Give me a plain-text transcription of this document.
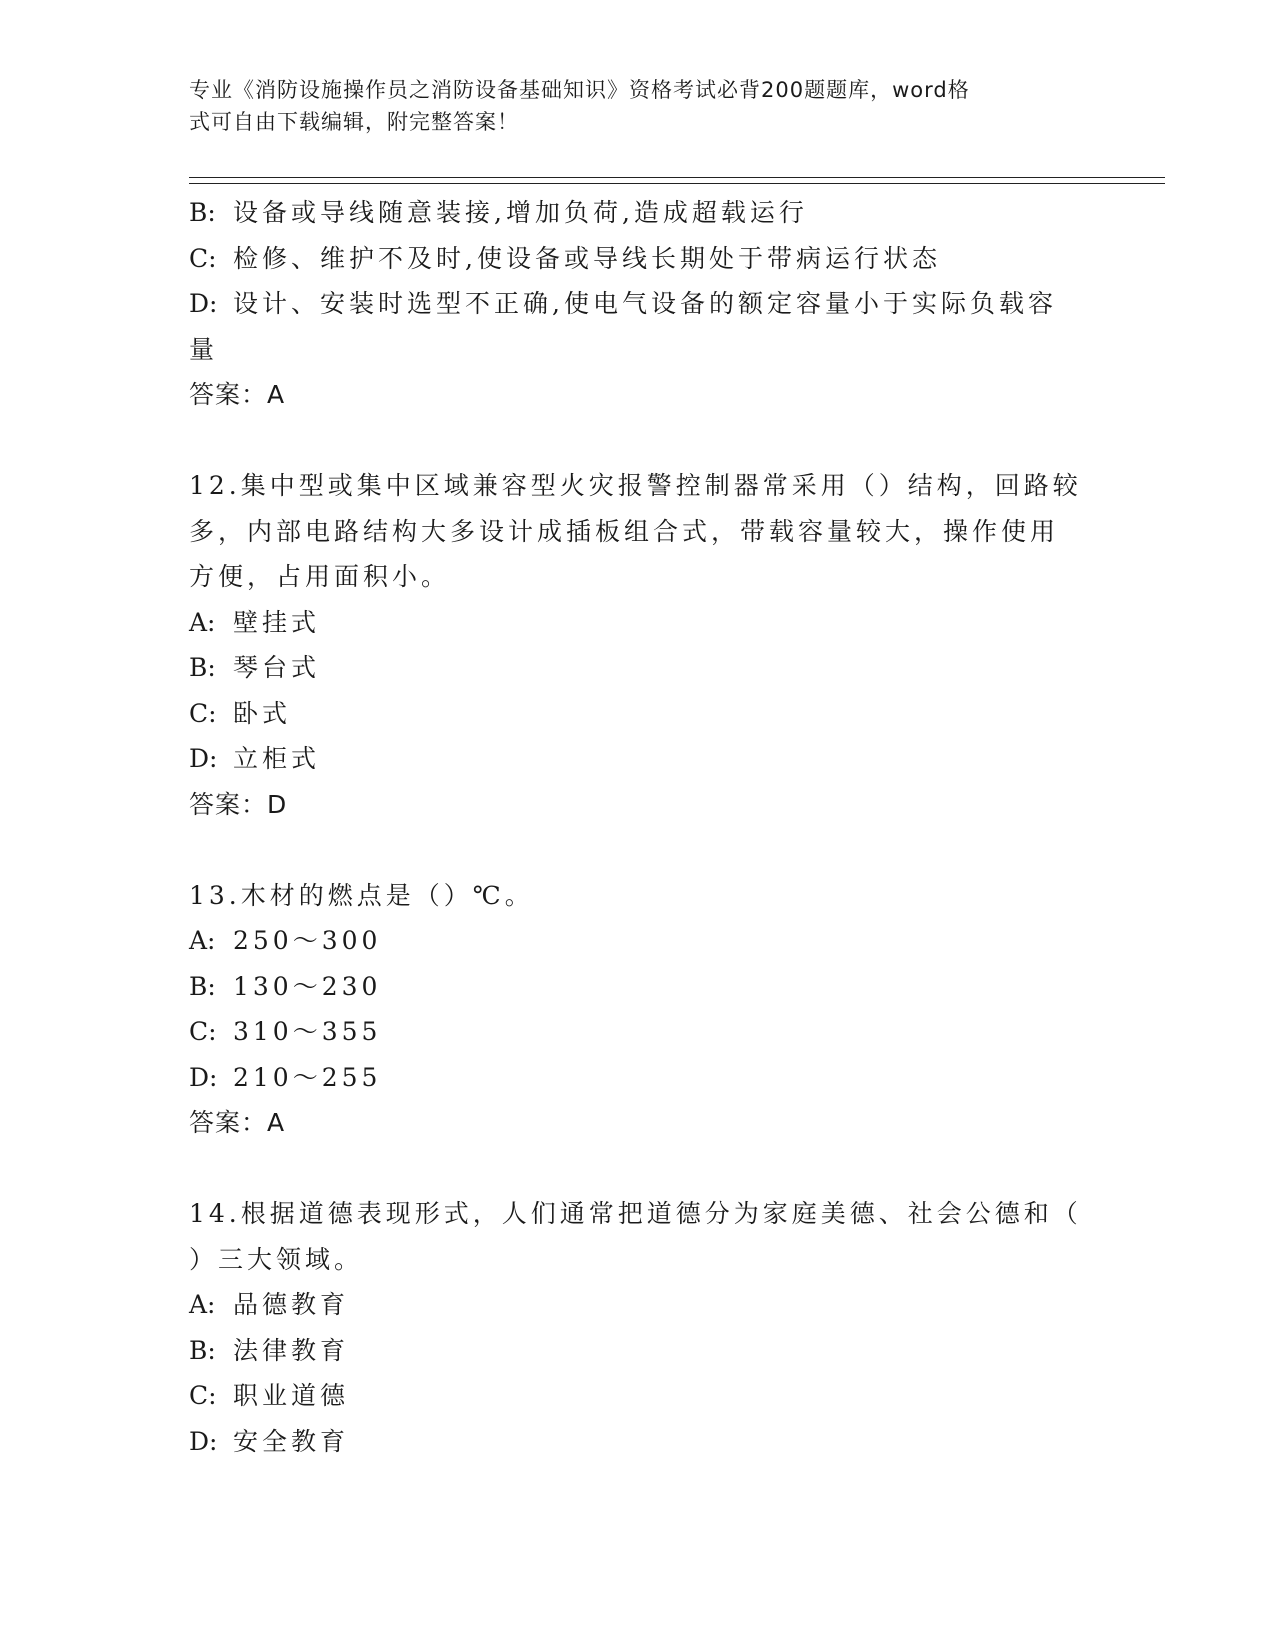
专业《消防设施操作员之消防设备基础知识》资格考试必背200题题库，word格
式可自由下载编辑，附完整答案！
B: 设备或导线随意装接,增加负荷,造成超载运行
C: 检修、维护不及时,使设备或导线长期处于带病运行状态
D: 设计、安装时选型不正确,使电气设备的额定容量小于实际负载容
量
答案：A
12.集中型或集中区域兼容型火灾报警控制器常采用（）结构，回路较
多，内部电路结构大多设计成插板组合式，带载容量较大，操作使用
方便，占用面积小。
A: 壁挂式
B: 琴台式
C: 卧式
D: 立柜式
答案：D
13.木材的燃点是（）℃。
A: 250～300
B: 130～230
C: 310～355
D: 210～255
答案：A
14.根据道德表现形式，人们通常把道德分为家庭美德、社会公德和（
）三大领域。
A: 品德教育
B: 法律教育
C: 职业道德
D: 安全教育
